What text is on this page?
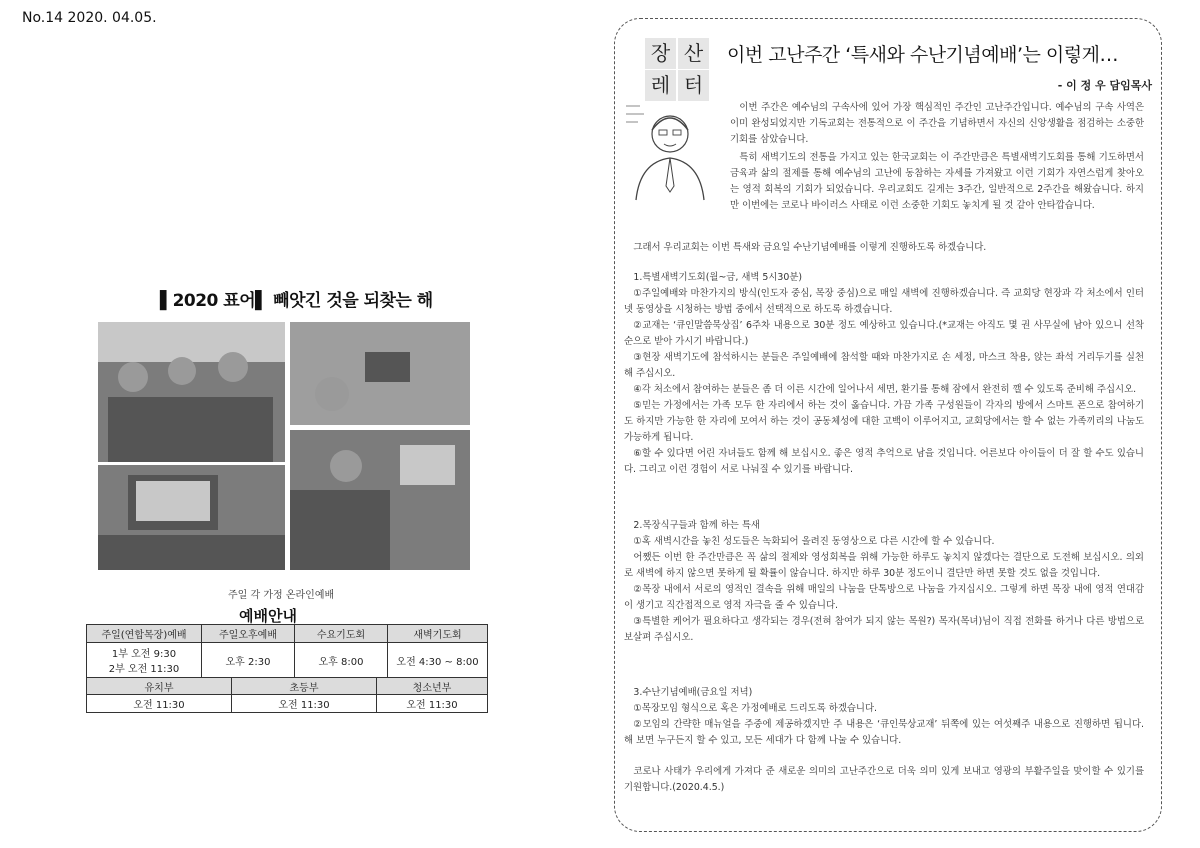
No.14 2020. 04.05.
▌2020 표어▌ 빼앗긴 것을 되찾는 해
주일 각 가정 온라인예배
예배안내
주일(연합목장)예배	주일오후예배	수요기도회	새벽기도회

1부 오전 9:30
2부 오전 11:30	오후 2:30	오후 8:00	오전 4:30 ~ 8:00
유치부	초등부	청소년부
오전 11:30	오전 11:30	오전 11:30
장 산
레 터
이번 고난주간 ‘특새와 수난기념예배’는 이렇게…
- 이 정 우 담임목사

이번 주간은 예수님의 구속사에 있어 가장 핵심적인 주간인 고난주간입니다. 예수님의 구속 사역은 이미 완성되었지만 기독교회는 전통적으로 이 주간을 기념하면서 자신의 신앙생활을 점검하는 소중한 기회를 삼았습니다.

특히 새벽기도의 전통을 가지고 있는 한국교회는 이 주간만큼은 특별새벽기도회를 통해 기도하면서 금육과 삶의 절제를 통해 예수님의 고난에 동참하는 자세를 가져왔고 이런 기회가 자연스럽게 찾아오는 영적 회복의 기회가 되었습니다. 우리교회도 길게는 3주간, 일반적으로 2주간을 해왔습니다. 하지만 이번에는 코로나 바이러스 사태로 이런 소중한 기회도 놓치게 될 것 같아 안타깝습니다.

그래서 우리교회는 이번 특새와 금요일 수난기념예배를 이렇게 진행하도록 하겠습니다.

1.특별새벽기도회(월~금, 새벽 5시30분)

①주일예배와 마찬가지의 방식(인도자 중심, 목장 중심)으로 매일 새벽에 진행하겠습니다. 즉 교회당 현장과 각 처소에서 인터넷 동영상을 시청하는 방법 중에서 선택적으로 하도록 하겠습니다.

②교재는 ‘큐인말씀묵상집’ 6주차 내용으로 30분 정도 예상하고 있습니다.(*교재는 아직도 몇 권 사무실에 남아 있으니 선착순으로 받아 가시기 바랍니다.)

③현장 새벽기도에 참석하시는 분들은 주일예배에 참석할 때와 마찬가지로 손 세정, 마스크 착용, 앉는 좌석 거리두기를 실천해 주십시오.

④각 처소에서 참여하는 분들은 좀 더 이른 시간에 일어나서 세면, 환기를 통해 잠에서 완전히 깰 수 있도록 준비해 주십시오.

⑤믿는 가정에서는 가족 모두 한 자리에서 하는 것이 옳습니다. 가끔 가족 구성원들이 각자의 방에서 스마트 폰으로 참여하기도 하지만 가능한 한 자리에 모여서 하는 것이 공동체성에 대한 고백이 이루어지고, 교회당에서는 할 수 없는 가족끼리의 나눔도 가능하게 됩니다.

⑥할 수 있다면 어린 자녀들도 함께 해 보십시오. 좋은 영적 추억으로 남을 것입니다. 어른보다 아이들이 더 잘 할 수도 있습니다. 그리고 이런 경험이 서로 나눠질 수 있기를 바랍니다.

2.목장식구들과 함께 하는 특새

①혹 새벽시간을 놓친 성도들은 녹화되어 올려진 동영상으로 다른 시간에 할 수 있습니다.

어쨌든 이번 한 주간만큼은 꼭 삶의 절제와 영성회복을 위해 가능한 하루도 놓치지 않겠다는 결단으로 도전해 보십시오. 의외로 새벽에 하지 않으면 못하게 될 확률이 않습니다. 하지만 하루 30분 정도이니 결단만 하면 못할 것도 없을 것입니다.

②목장 내에서 서로의 영적인 결속을 위해 매일의 나눔을 단톡방으로 나눔을 가지십시오. 그렇게 하면 목장 내에 영적 연대감이 생기고 직간접적으로 영적 자극을 줄 수 있습니다.

③특별한 케어가 필요하다고 생각되는 경우(전혀 참여가 되지 않는 목원?) 목자(목녀)님이 직접 전화를 하거나 다른 방법으로 보살펴 주십시오.

3.수난기념예배(금요일 저녁)

①목장모임 형식으로 혹은 가정예배로 드리도록 하겠습니다.

②모임의 간략한 매뉴얼을 주중에 제공하겠지만 주 내용은 ‘큐인묵상교재’ 뒤쪽에 있는 여섯째주 내용으로 진행하면 됩니다. 해 보면 누구든지 할 수 있고, 모든 세대가 다 함께 나눌 수 있습니다.

코로나 사태가 우리에게 가져다 준 새로운 의미의 고난주간으로 더욱 의미 있게 보내고 영광의 부활주일을 맞이할 수 있기를 기원합니다.(2020.4.5.)
